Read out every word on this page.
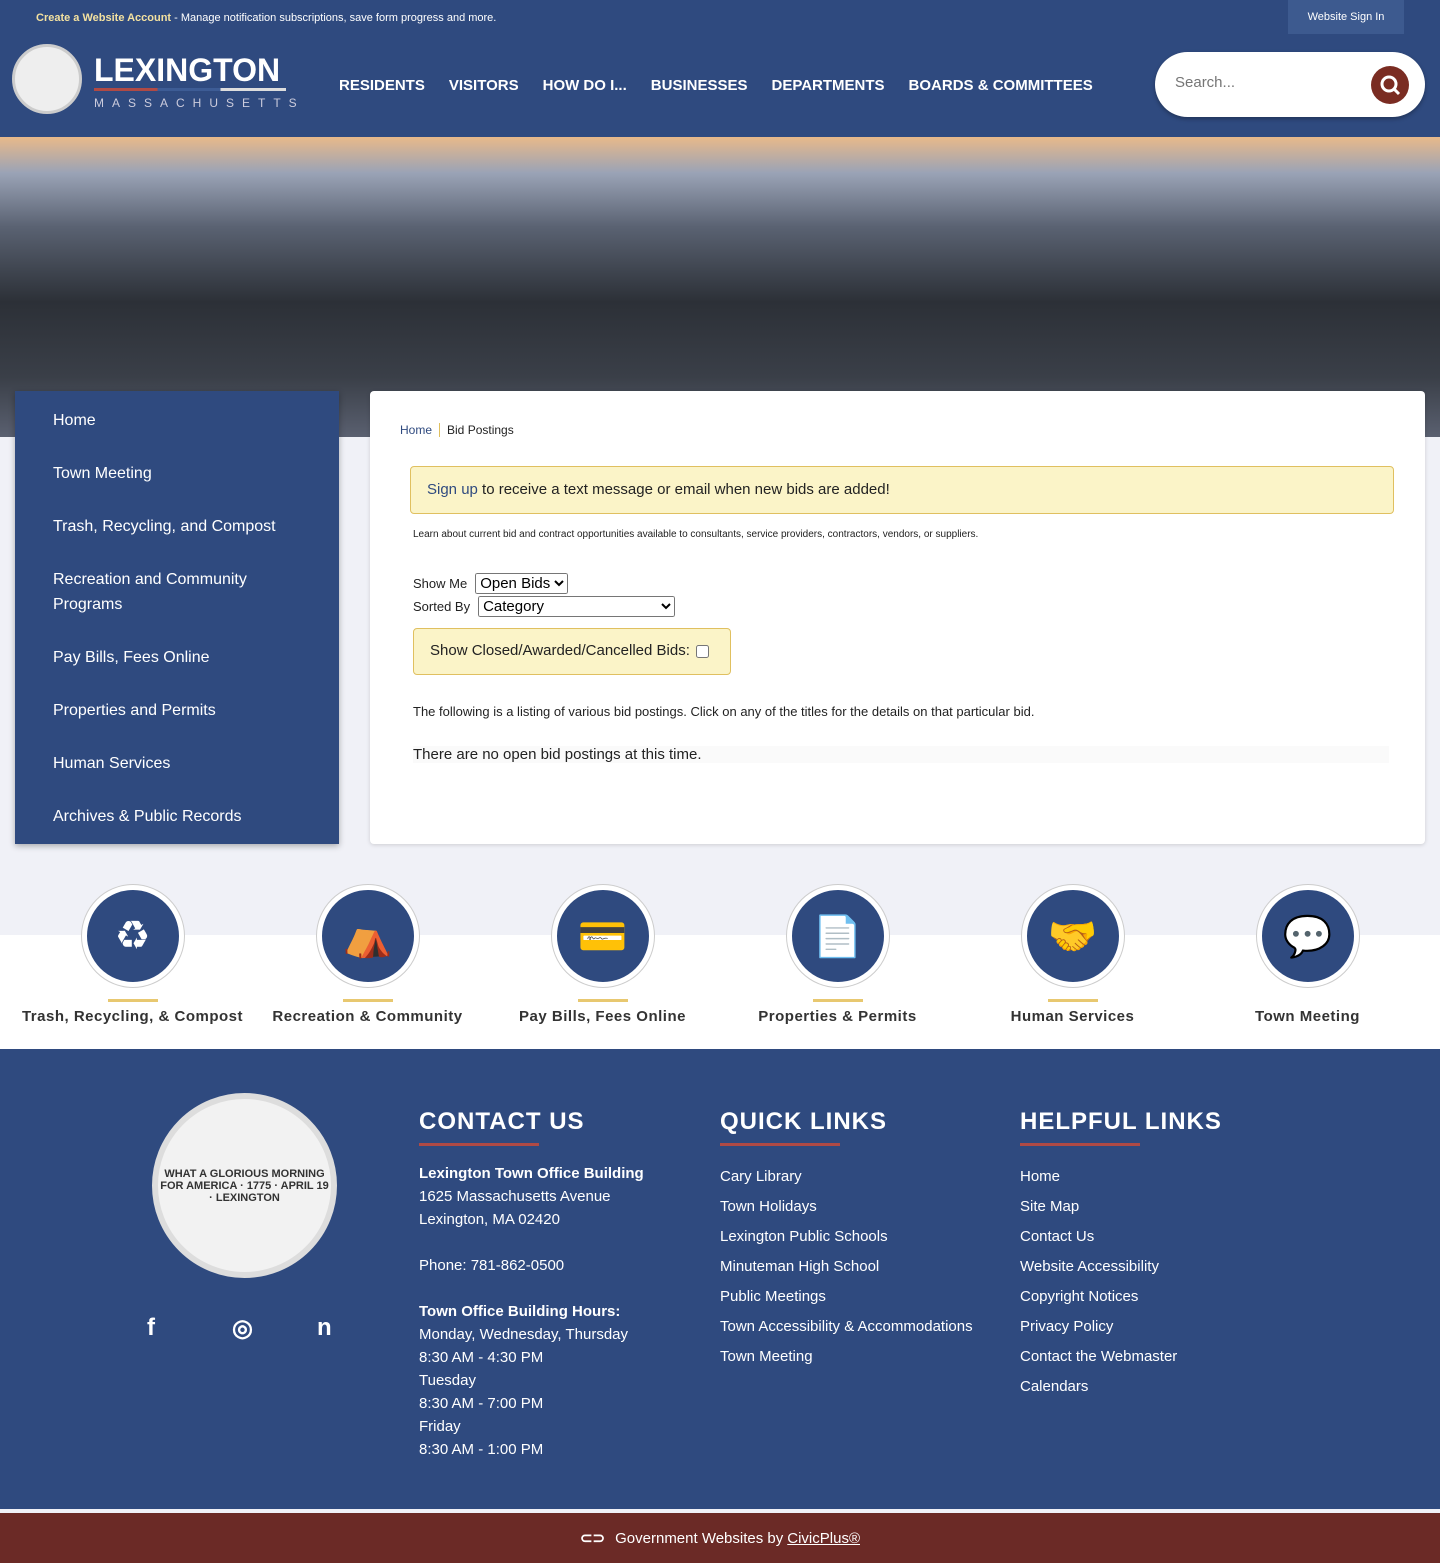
Create a Website Account - Manage notification subscriptions, save form progress and more.	Website Sign In
LEXINGTON
MASSACHUSETTS
RESIDENTS VISITORS HOW DO I... BUSINESSES DEPARTMENTS BOARDS & COMMITTEES
Search...
Home
Town Meeting
Trash, Recycling, and Compost
Recreation and Community Programs
Pay Bills, Fees Online
Properties and Permits
Human Services
Archives & Public Records
Home Bid Postings
Sign up to receive a text message or email when new bids are added!
Learn about current bid and contract opportunities available to consultants, service providers, contractors, vendors, or suppliers.
Show Me
Open Bids
Sorted By
Category
Show Closed/Awarded/Cancelled Bids:
The following is a listing of various bid postings. Click on any of the titles for the details on that particular bid.
There are no open bid postings at this time.
♻
Trash, Recycling, & Compost
⛺
Recreation & Community
💳
Pay Bills, Fees Online
📄
Properties & Permits
🤝
Human Services
💬
Town Meeting
WHAT A GLORIOUS MORNING FOR AMERICA · 1775 · APRIL 19 · LEXINGTON
f	◎	n
CONTACT US
Lexington Town Office Building
1625 Massachusetts Avenue
Lexington, MA 02420

Phone: 781-862-0500

Town Office Building Hours:
Monday, Wednesday, Thursday
8:30 AM - 4:30 PM
Tuesday
8:30 AM - 7:00 PM
Friday
8:30 AM - 1:00 PM
QUICK LINKS
Cary Library
Town Holidays
Lexington Public Schools
Minuteman High School
Public Meetings
Town Accessibility & Accommodations
Town Meeting
HELPFUL LINKS
Home
Site Map
Contact Us
Website Accessibility
Copyright Notices
Privacy Policy
Contact the Webmaster
Calendars
⊂⊃ Government Websites by CivicPlus®
